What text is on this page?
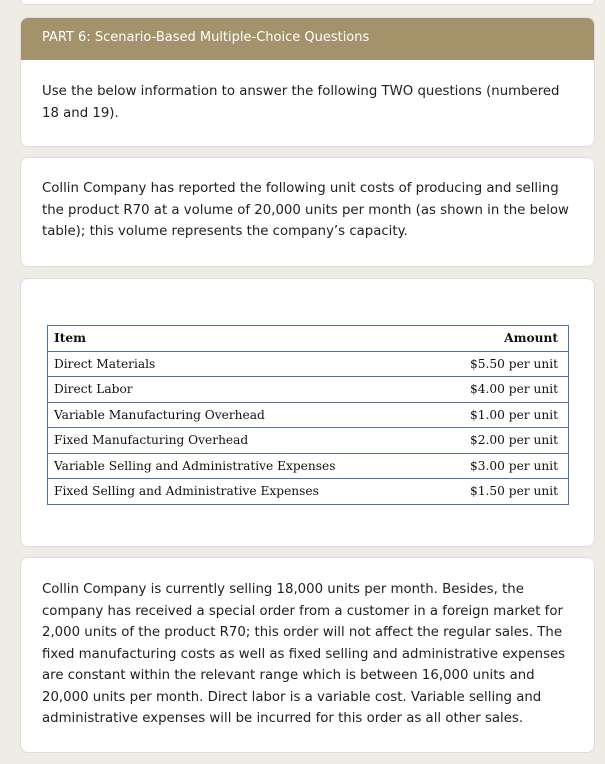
PART 6: Scenario-Based Multiple-Choice Questions
Use the below information to answer the following TWO questions (numbered 18 and 19).

Collin Company has reported the following unit costs of producing and selling the product R70 at a volume of 20,000 units per month (as shown in the below table); this volume represents the company’s capacity.

Item	Amount
Direct Materials	$5.50 per unit
Direct Labor	$4.00 per unit
Variable Manufacturing Overhead	$1.00 per unit
Fixed Manufacturing Overhead	$2.00 per unit
Variable Selling and Administrative Expenses	$3.00 per unit
Fixed Selling and Administrative Expenses	$1.50 per unit

Collin Company is currently selling 18,000 units per month. Besides, the company has received a special order from a customer in a foreign market for 2,000 units of the product R70; this order will not affect the regular sales. The fixed manufacturing costs as well as fixed selling and administrative expenses are constant within the relevant range which is between 16,000 units and 20,000 units per month. Direct labor is a variable cost. Variable selling and administrative expenses will be incurred for this order as all other sales.
